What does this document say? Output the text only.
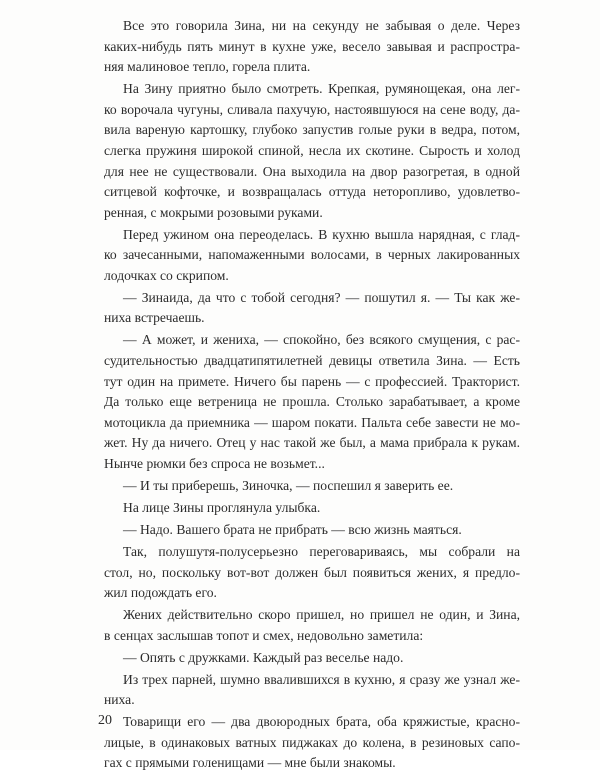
Все это говорила Зина, ни на секунду не забывая о деле. Через
каких-нибудь пять минут в кухне уже, весело завывая и распростра-
няя малиновое тепло, горела плита.
На Зину приятно было смотреть. Крепкая, румянощекая, она лег-
ко ворочала чугуны, сливала пахучую, настоявшуюся на сене воду, да-
вила вареную картошку, глубоко запустив голые руки в ведра, потом,
слегка пружиня широкой спиной, несла их скотине. Сырость и холод
для нее не существовали. Она выходила на двор разогретая, в одной
ситцевой кофточке, и возвращалась оттуда неторопливо, удовлетво-
ренная, с мокрыми розовыми руками.
Перед ужином она переоделась. В кухню вышла нарядная, с глад-
ко зачесанными, напомаженными волосами, в черных лакированных
лодочках со скрипом.
— Зинаида, да что с тобой сегодня? — пошутил я. — Ты как же-
ниха встречаешь.
— А может, и жениха, — спокойно, без всякого смущения, с рас-
судительностью двадцатипятилетней девицы ответила Зина. — Есть
тут один на примете. Ничего бы парень — с профессией. Тракторист.
Да только еще ветреница не прошла. Столько зарабатывает, а кроме
мотоцикла да приемника — шаром покати. Пальта себе завести не мо-
жет. Ну да ничего. Отец у нас такой же был, а мама прибрала к рукам.
Нынче рюмки без спроса не возьмет...
— И ты приберешь, Зиночка, — поспешил я заверить ее.
На лице Зины проглянула улыбка.
— Надо. Вашего брата не прибрать — всю жизнь маяться.
Так, полушутя-полусерьезно переговариваясь, мы собрали на
стол, но, поскольку вот-вот должен был появиться жених, я предло-
жил подождать его.
Жених действительно скоро пришел, но пришел не один, и Зина,
в сенцах заслышав топот и смех, недовольно заметила:
— Опять с дружками. Каждый раз веселье надо.
Из трех парней, шумно ввалившихся в кухню, я сразу же узнал же-
ниха.
Товарищи его — два двоюродных брата, оба кряжистые, красно-
лицые, в одинаковых ватных пиджаках до колена, в резиновых сапо-
гах с прямыми голенищами — мне были знакомы.
20
